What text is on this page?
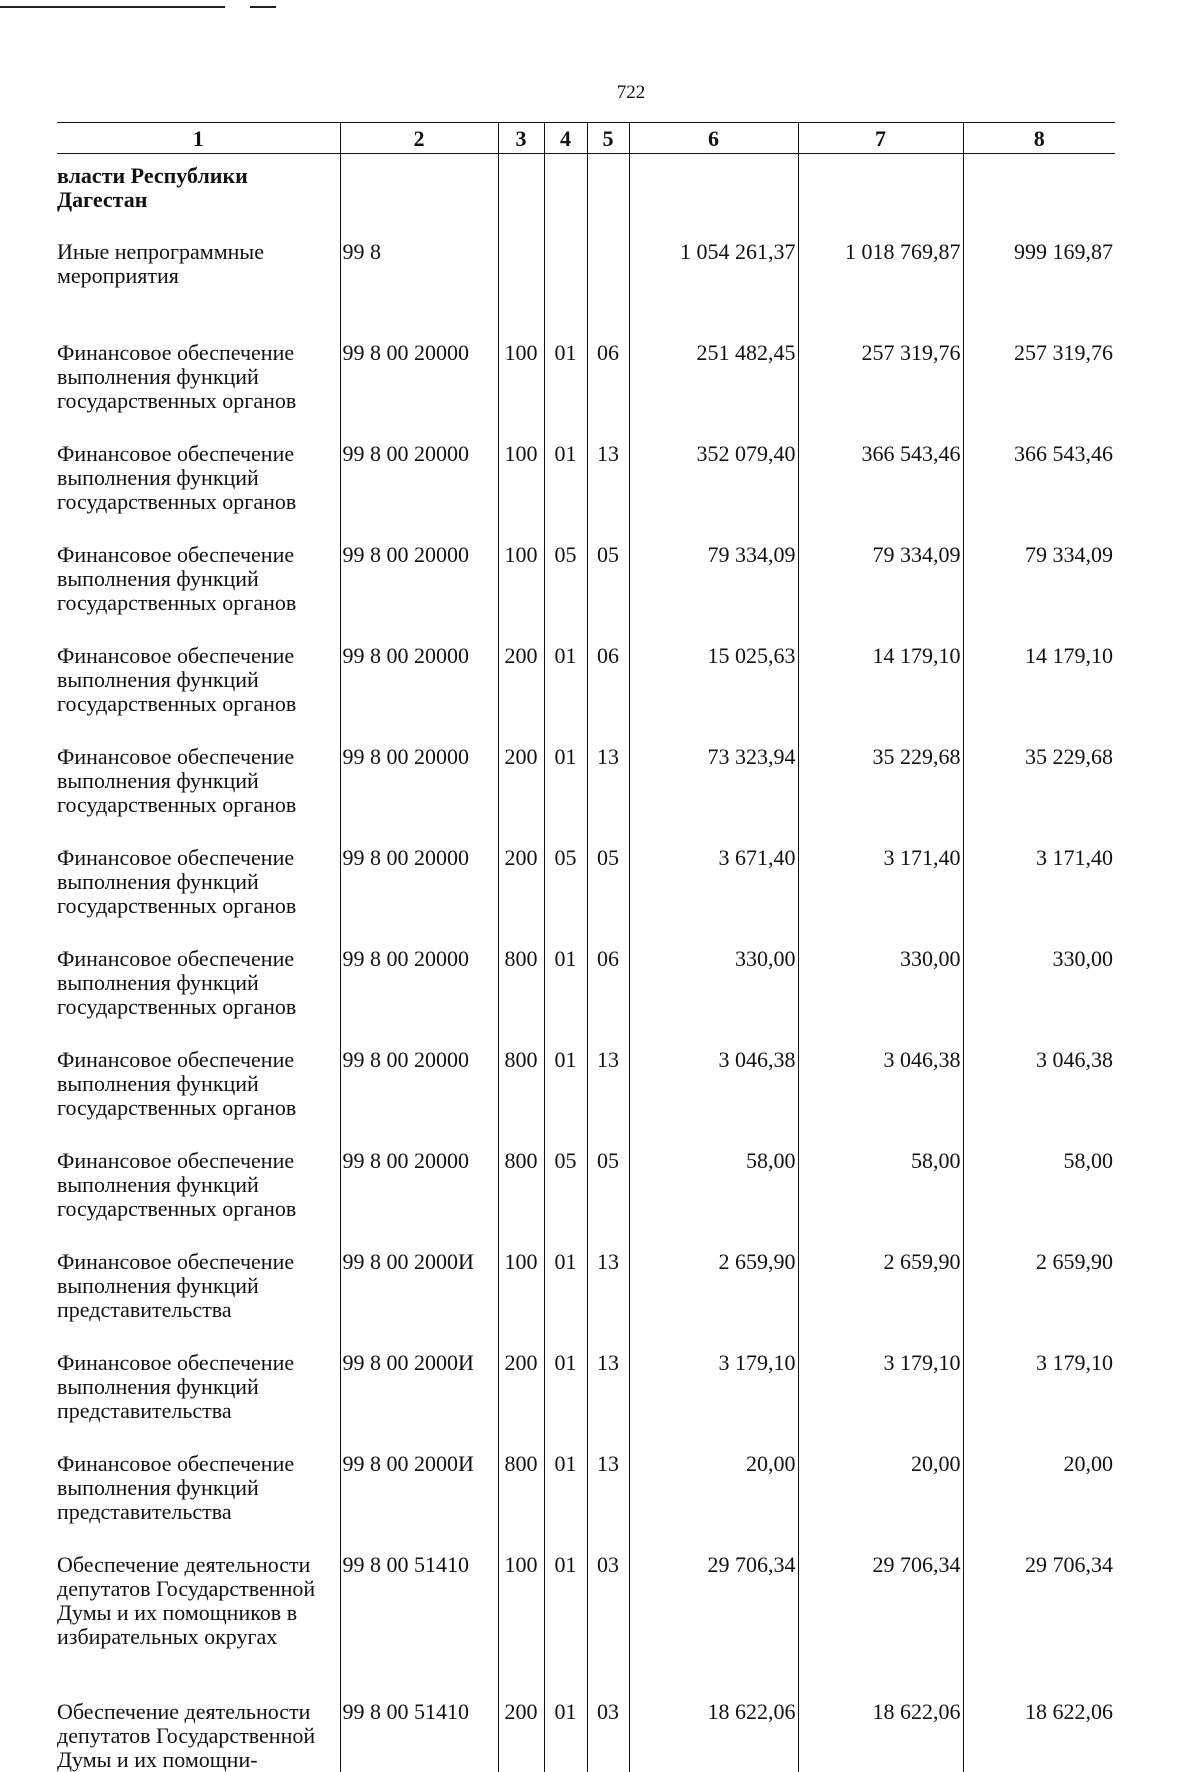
722
1	2	3	4	5	6	7	8
власти Республики Дагестан							
Иные непрограммные мероприятия	99 8				1 054 261,37	1 018 769,87	999 169,87
Финансовое обеспечение выполнения функций государственных органов	99 8 00 20000	100	01	06	251 482,45	257 319,76	257 319,76
Финансовое обеспечение выполнения функций государственных органов	99 8 00 20000	100	01	13	352 079,40	366 543,46	366 543,46
Финансовое обеспечение выполнения функций государственных органов	99 8 00 20000	100	05	05	79 334,09	79 334,09	79 334,09
Финансовое обеспечение выполнения функций государственных органов	99 8 00 20000	200	01	06	15 025,63	14 179,10	14 179,10
Финансовое обеспечение выполнения функций государственных органов	99 8 00 20000	200	01	13	73 323,94	35 229,68	35 229,68
Финансовое обеспечение выполнения функций государственных органов	99 8 00 20000	200	05	05	3 671,40	3 171,40	3 171,40
Финансовое обеспечение выполнения функций государственных органов	99 8 00 20000	800	01	06	330,00	330,00	330,00
Финансовое обеспечение выполнения функций государственных органов	99 8 00 20000	800	01	13	3 046,38	3 046,38	3 046,38
Финансовое обеспечение выполнения функций государственных органов	99 8 00 20000	800	05	05	58,00	58,00	58,00
Финансовое обеспечение выполнения функций представительства	99 8 00 2000И	100	01	13	2 659,90	2 659,90	2 659,90
Финансовое обеспечение выполнения функций представительства	99 8 00 2000И	200	01	13	3 179,10	3 179,10	3 179,10
Финансовое обеспечение выполнения функций представительства	99 8 00 2000И	800	01	13	20,00	20,00	20,00
Обеспечение деятельности депутатов Государственной Думы и их помощников в избирательных округах	99 8 00 51410	100	01	03	29 706,34	29 706,34	29 706,34
Обеспечение деятельности депутатов Государственной Думы и их помощни-	99 8 00 51410	200	01	03	18 622,06	18 622,06	18 622,06
